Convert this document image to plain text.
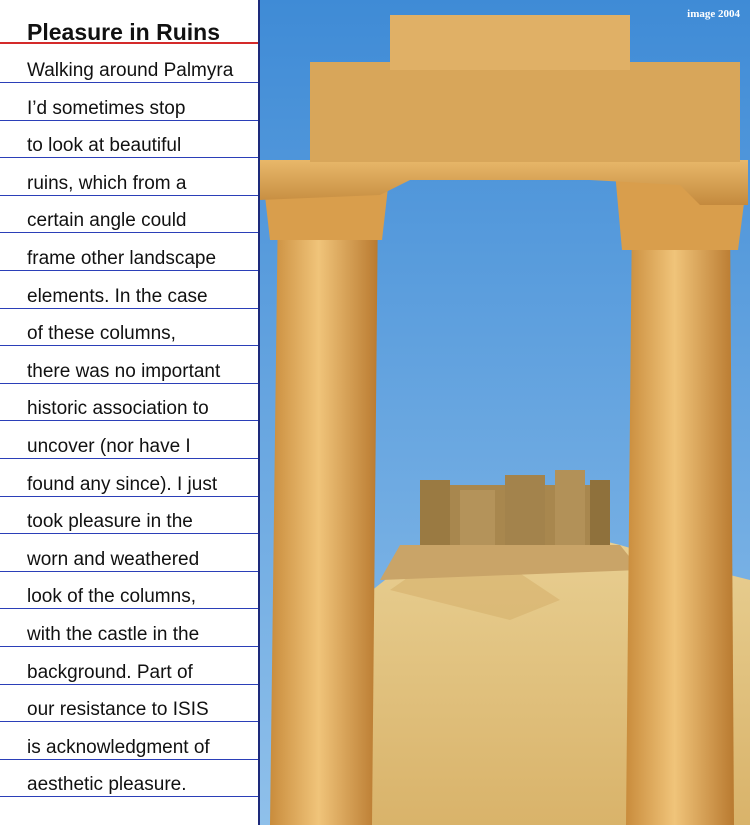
Pleasure in Ruins
Walking around Palmyra
I’d sometimes stop
to look at beautiful
ruins, which from a
certain angle could
frame other landscape
elements. In the case
of these columns,
there was no important
historic association to
uncover (nor have I
found any since). I just
took pleasure in the
worn and weathered
look of the columns,
with the castle in the
background. Part of
our resistance to ISIS
is acknowledgment of
aesthetic pleasure.
image 2004
